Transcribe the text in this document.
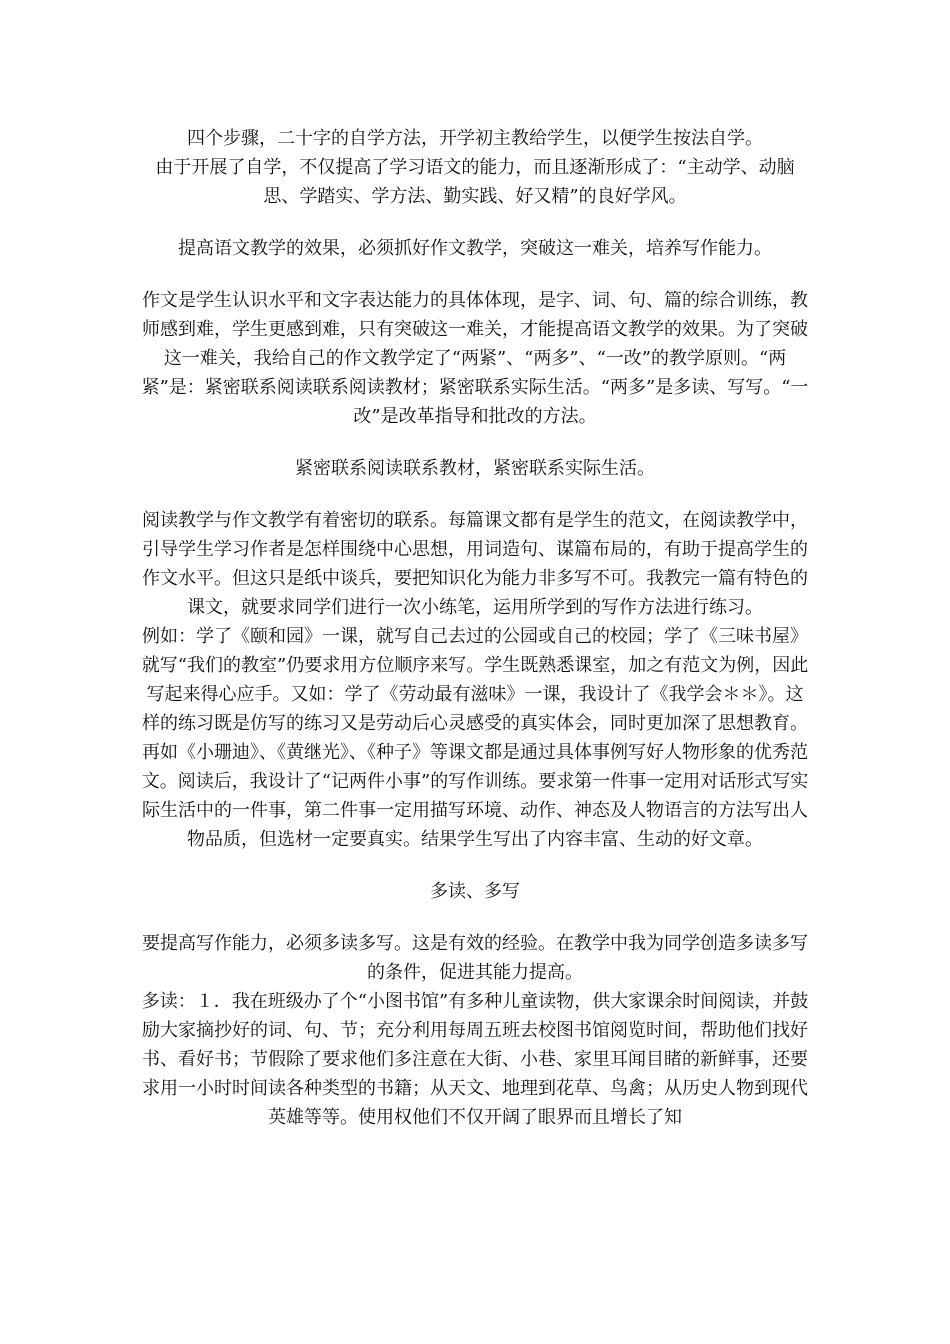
四个步骤，二十字的自学方法，开学初主教给学生，以便学生按法自学。

由于开展了自学，不仅提高了学习语文的能力，而且逐渐形成了：“主动学、动脑思、学踏实、学方法、勤实践、好又精”的良好学风。

提高语文教学的效果，必须抓好作文教学，突破这一难关，培养写作能力。

作文是学生认识水平和文字表达能力的具体体现，是字、词、句、篇的综合训练，教师感到难，学生更感到难，只有突破这一难关，才能提高语文教学的效果。为了突破这一难关，我给自己的作文教学定了“两紧”、“两多”、“一改”的教学原则。“两紧”是：紧密联系阅读联系阅读教材；紧密联系实际生活。“两多”是多读、写写。“一改”是改革指导和批改的方法。

紧密联系阅读联系教材，紧密联系实际生活。

阅读教学与作文教学有着密切的联系。每篇课文都有是学生的范文，在阅读教学中，引导学生学习作者是怎样围绕中心思想，用词造句、谋篇布局的，有助于提高学生的作文水平。但这只是纸中谈兵，要把知识化为能力非多写不可。我教完一篇有特色的课文，就要求同学们进行一次小练笔，运用所学到的写作方法进行练习。

例如：学了《颐和园》一课，就写自己去过的公园或自己的校园；学了《三味书屋》就写“我们的教室”仍要求用方位顺序来写。学生既熟悉课室，加之有范文为例，因此写起来得心应手。又如：学了《劳动最有滋味》一课，我设计了《我学会＊＊》。这样的练习既是仿写的练习又是劳动后心灵感受的真实体会，同时更加深了思想教育。

再如《小珊迪》、《黄继光》、《种子》等课文都是通过具体事例写好人物形象的优秀范文。阅读后，我设计了“记两件小事”的写作训练。要求第一件事一定用对话形式写实际生活中的一件事，第二件事一定用描写环境、动作、神态及人物语言的方法写出人物品质，但选材一定要真实。结果学生写出了内容丰富、生动的好文章。

多读、多写

要提高写作能力，必须多读多写。这是有效的经验。在教学中我为同学创造多读多写的条件，促进其能力提高。

多读：１．我在班级办了个“小图书馆”有多种儿童读物，供大家课余时间阅读，并鼓励大家摘抄好的词、句、节；充分利用每周五班去校图书馆阅览时间，帮助他们找好书、看好书；节假除了要求他们多注意在大街、小巷、家里耳闻目睹的新鲜事，还要求用一小时时间读各种类型的书籍；从天文、地理到花草、鸟禽；从历史人物到现代英雄等等。使用权他们不仅开阔了眼界而且增长了知
